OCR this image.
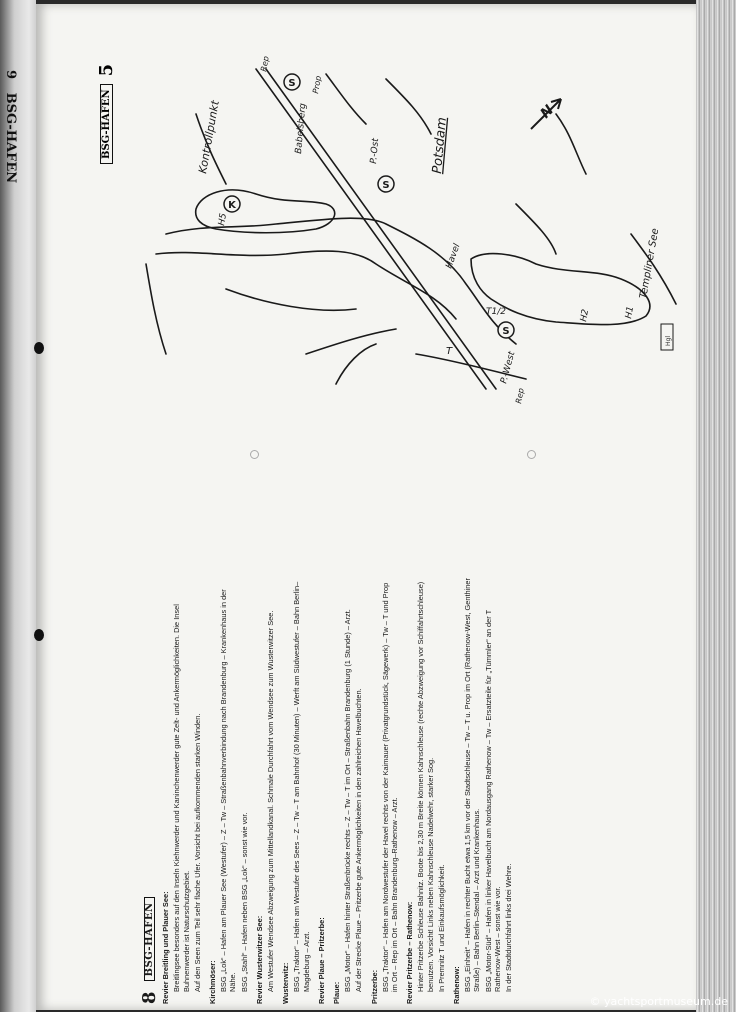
9   BSG-HAFEN	BSG-HAFEN
5
K
S
S
S
Kontrollpunkt	Potsdam
Babelsberg	P.-Ost
P.-West
Havel	Templiner See
Rep
Prop
Rep
T1/2
T
H1
H2
H5
N
Hgl
8
BSG-HAFEN Revier Breitling und Plauer See: Breitlingsee besonders auf den Inseln Kiehnwerder und Kaninchenwerder gute Zelt- und Ankermöglichkeiten. Die Insel Buhnenwerder ist Naturschutzgebiet. Auf den Seen zum Teil sehr flache Ufer. Vorsicht bei aufkommenden starken Winden. Kirchmöser: BSG „Lok“ – Hafen am Plauer See (Westufer) – Z – Tw – Straßenbahnverbindung nach Brandenburg – Krankenhaus in der Nähe. BSG „Stahl“ – Hafen neben BSG „Lok“ – sonst wie vor. Revier Wusterwitzer See: Am Westufer Wendsee Abzweigung zum Mittellandkanal. Schmale Durchfahrt vom Wendsee zum Wusterwitzer See. Wusterwitz: BSG „Traktor“ – Hafen am Westufer des Sees – Z – Tw – T am Bahnhof (30 Minuten) – Werft am Südwestufer – Bahn Berlin–Magdeburg – Arzt. Revier Plaue – Pritzerbe: Plaue:
BSG „Motor“ – Hafen hinter Straßenbrücke rechts – Z – Tw – T im Ort – Straßenbahn Brandenburg (1 Stunde) – Arzt. Auf der Strecke Plaue – Pritzerbe gute Ankermöglichkeiten in den zahlreichen Havelbuchten. Pritzerbe: BSG „Traktor“ – Hafen am Nordwestufer der Havel rechts von der Kaimauer (Privatgrundstück, Sägewerk) – Tw – T und Prop im Ort – Rep im Ort – Bahn Brandenburg–Rathenow – Arzt. Revier Pritzerbe – Rathenow: Hinter Pritzerbe Schleuse Bahnitz. Boote bis 2,30 m Breite können Kahnschleuse (rechte Abzweigung vor Schiffahrtschleuse) benutzen. Vorsicht! Links neben Kahnschleuse Nadelwehr, starker Sog. In Premnitz T und Einkaufsmöglichkeit. Rathenow: BSG „Einheit“ – Hafen in rechter Bucht etwa 1,5 km vor der Stadtschleuse – Tw – T u. Prop im Ort (Rathenow-West, Genthiner Straße) – Bahn Berlin–Stendal – Arzt und Krankenhaus. BSG „Motor-Süd“ – Hafen in linker Havelbucht am Nordausgang Rathenow – Tw – Ersatzteile für „Tümmler“ an der T Rathenow-West – sonst wie vor. In der Stadtdurchfahrt links drei Wehre.
© yachtsportmuseum.de
